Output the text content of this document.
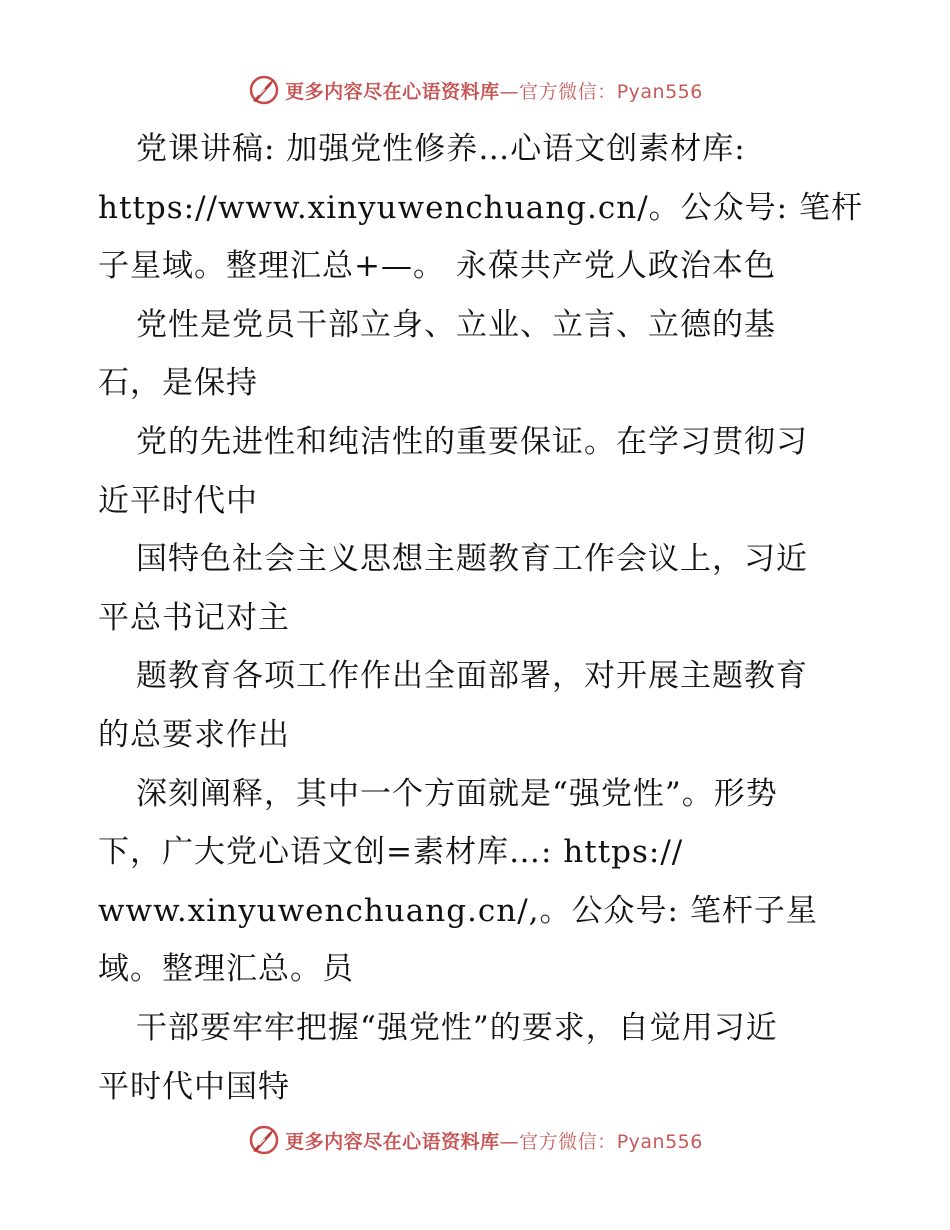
更多内容尽在心语资料库—官方微信：Pyan556
党课讲稿: 加强党性修养…心语文创素材库:
https://www.xinyuwenchuang.cn/。公众号: 笔杆
子星域。整理汇总+—。 永葆共产党人政治本色
党性是党员干部立身、立业、立言、立德的基
石，是保持
党的先进性和纯洁性的重要保证。在学习贯彻习
近平时代中
国特色社会主义思想主题教育工作会议上，习近
平总书记对主
题教育各项工作作出全面部署，对开展主题教育
的总要求作出
深刻阐释，其中一个方面就是“强党性”。形势
下，广大党心语文创=素材库…: https://
www.xinyuwenchuang.cn/,。公众号: 笔杆子星
域。整理汇总。员
干部要牢牢把握“强党性”的要求，自觉用习近
平时代中国特
更多内容尽在心语资料库—官方微信：Pyan556
